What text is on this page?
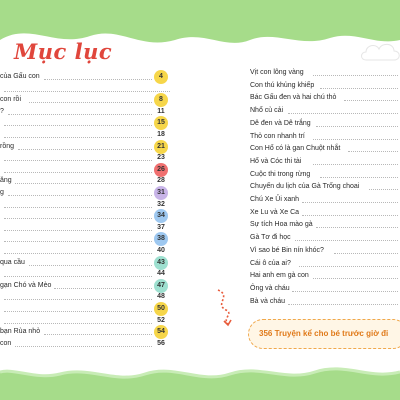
Mục lục
của Gấu con	4
con rồi	8
?	11
15
18
rồng	21
23
26
ăng	28
g	31
32
34
37
38
40
qua cầu	43
44
gạn Chó và Mèo	47
48
50
52
bạn Rùa nhỏ	54
con	56
Vịt con lông vàng
Con thú khủng khiếp
Bác Gấu đen và hai chú thỏ
Nhổ củ cải
Dê đen và Dê trắng
Thỏ con nhanh trí
Con Hổ có là gan Chuột nhắt
Hổ và Cóc thi tài
Cuộc thi trong rừng
Chuyến du lịch của Gà Trống choai
Chú Xe Ủi xanh
Xe Lu và Xe Ca
Sự tích Hoa mào gà
Gà Tơ đi học
Vì sao bé Bin nín khóc?
Cái ô của ai?
Hai anh em gà con
Ông và cháu
Bà và cháu
356 Truyện kể cho bé trước giờ đi
